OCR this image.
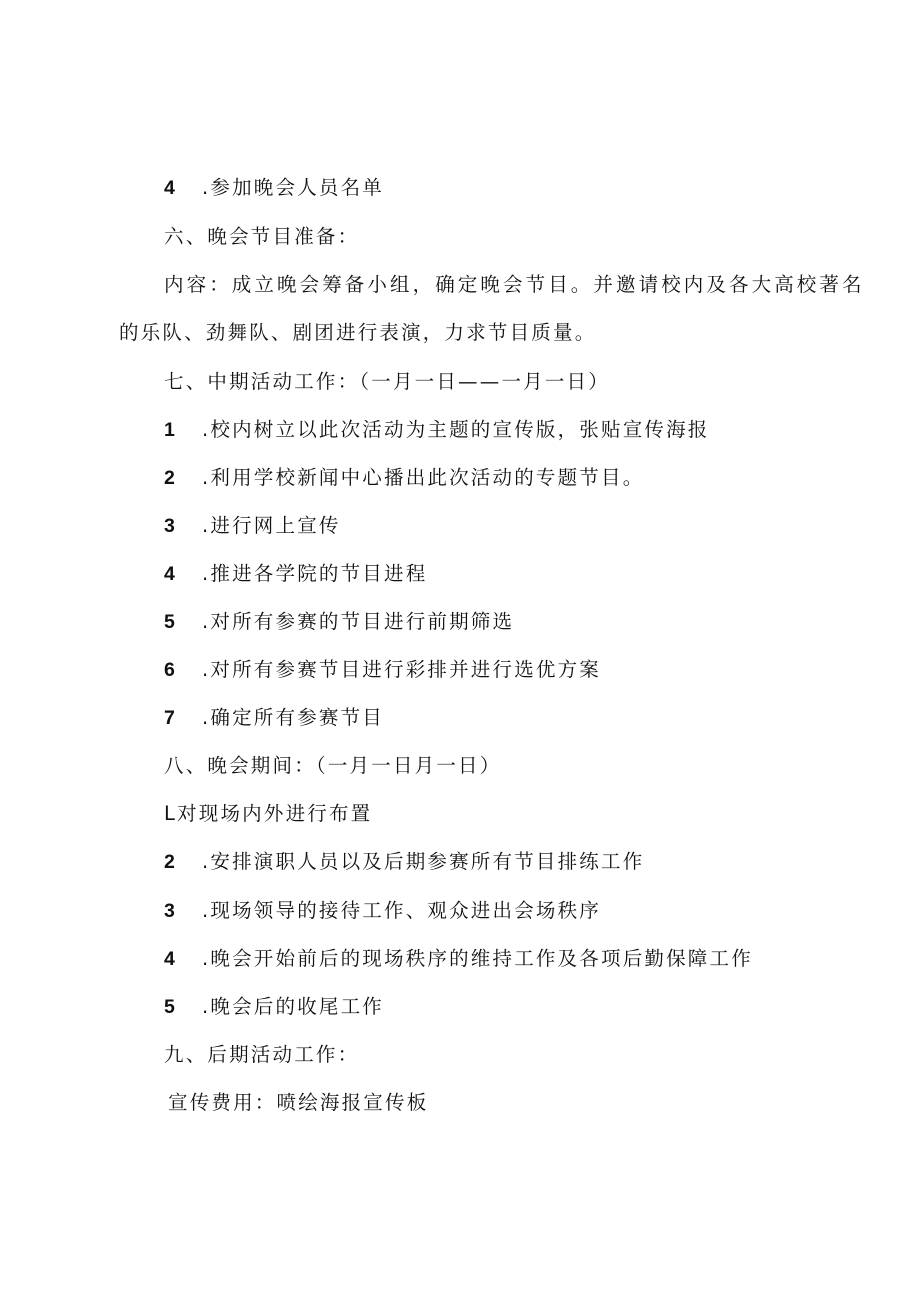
4 .参加晚会人员名单
六、晚会节目准备：
内容：成立晚会筹备小组，确定晚会节目。并邀请校内及各大高校著名
的乐队、劲舞队、剧团进行表演，力求节目质量。
七、中期活动工作：（一月一日——一月一日）
1 .校内树立以此次活动为主题的宣传版，张贴宣传海报
2 .利用学校新闻中心播出此次活动的专题节目。
3 .进行网上宣传
4 .推进各学院的节目进程
5 .对所有参赛的节目进行前期筛选
6 .对所有参赛节目进行彩排并进行选优方案
7 .确定所有参赛节目
八、晚会期间：（一月一日月一日）
L对现场内外进行布置
2 .安排演职人员以及后期参赛所有节目排练工作
3 .现场领导的接待工作、观众进出会场秩序
4 .晚会开始前后的现场秩序的维持工作及各项后勤保障工作
5 .晚会后的收尾工作
九、后期活动工作：
宣传费用：喷绘海报宣传板
